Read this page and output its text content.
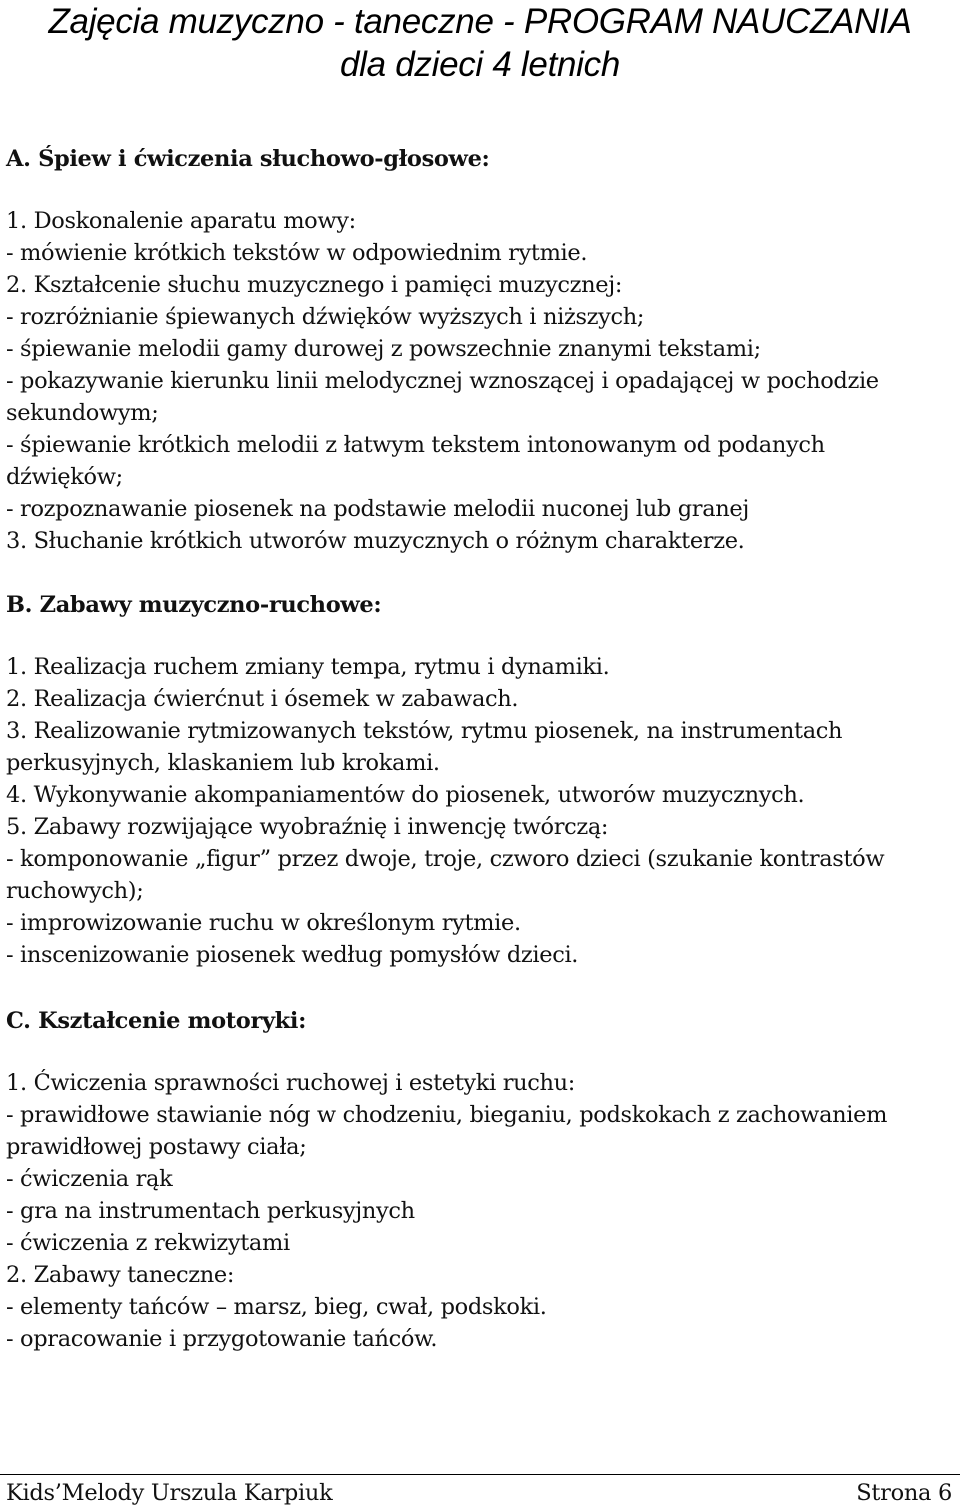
Zajęcia muzyczno - taneczne - PROGRAM NAUCZANIA
dla dzieci 4 letnich
A. Śpiew i ćwiczenia słuchowo-głosowe:
1. Doskonalenie aparatu mowy:
- mówienie krótkich tekstów w odpowiednim rytmie.
2. Kształcenie słuchu muzycznego i pamięci muzycznej:
- rozróżnianie śpiewanych dźwięków wyższych i niższych;
- śpiewanie melodii gamy durowej z powszechnie znanymi tekstami;
- pokazywanie kierunku linii melodycznej wznoszącej i opadającej w pochodzie
sekundowym;
- śpiewanie krótkich melodii z łatwym tekstem intonowanym od podanych
dźwięków;
- rozpoznawanie piosenek na podstawie melodii nuconej lub granej
3. Słuchanie krótkich utworów muzycznych o różnym charakterze.
B. Zabawy muzyczno-ruchowe:
1. Realizacja ruchem zmiany tempa, rytmu i dynamiki.
2. Realizacja ćwierćnut i ósemek w zabawach.
3. Realizowanie rytmizowanych tekstów, rytmu piosenek, na instrumentach
perkusyjnych, klaskaniem lub krokami.
4. Wykonywanie akompaniamentów do piosenek, utworów muzycznych.
5. Zabawy rozwijające wyobraźnię i inwencję twórczą:
- komponowanie „figur” przez dwoje, troje, czworo dzieci (szukanie kontrastów
ruchowych);
- improwizowanie ruchu w określonym rytmie.
- inscenizowanie piosenek według pomysłów dzieci.
C. Kształcenie motoryki:
1. Ćwiczenia sprawności ruchowej i estetyki ruchu:
- prawidłowe stawianie nóg w chodzeniu, bieganiu, podskokach z zachowaniem
prawidłowej postawy ciała;
- ćwiczenia rąk
- gra na instrumentach perkusyjnych
- ćwiczenia z rekwizytami
2. Zabawy taneczne:
- elementy tańców – marsz, bieg, cwał, podskoki.
- opracowanie i przygotowanie tańców.
Kids’Melody Urszula Karpiuk	Strona 6
